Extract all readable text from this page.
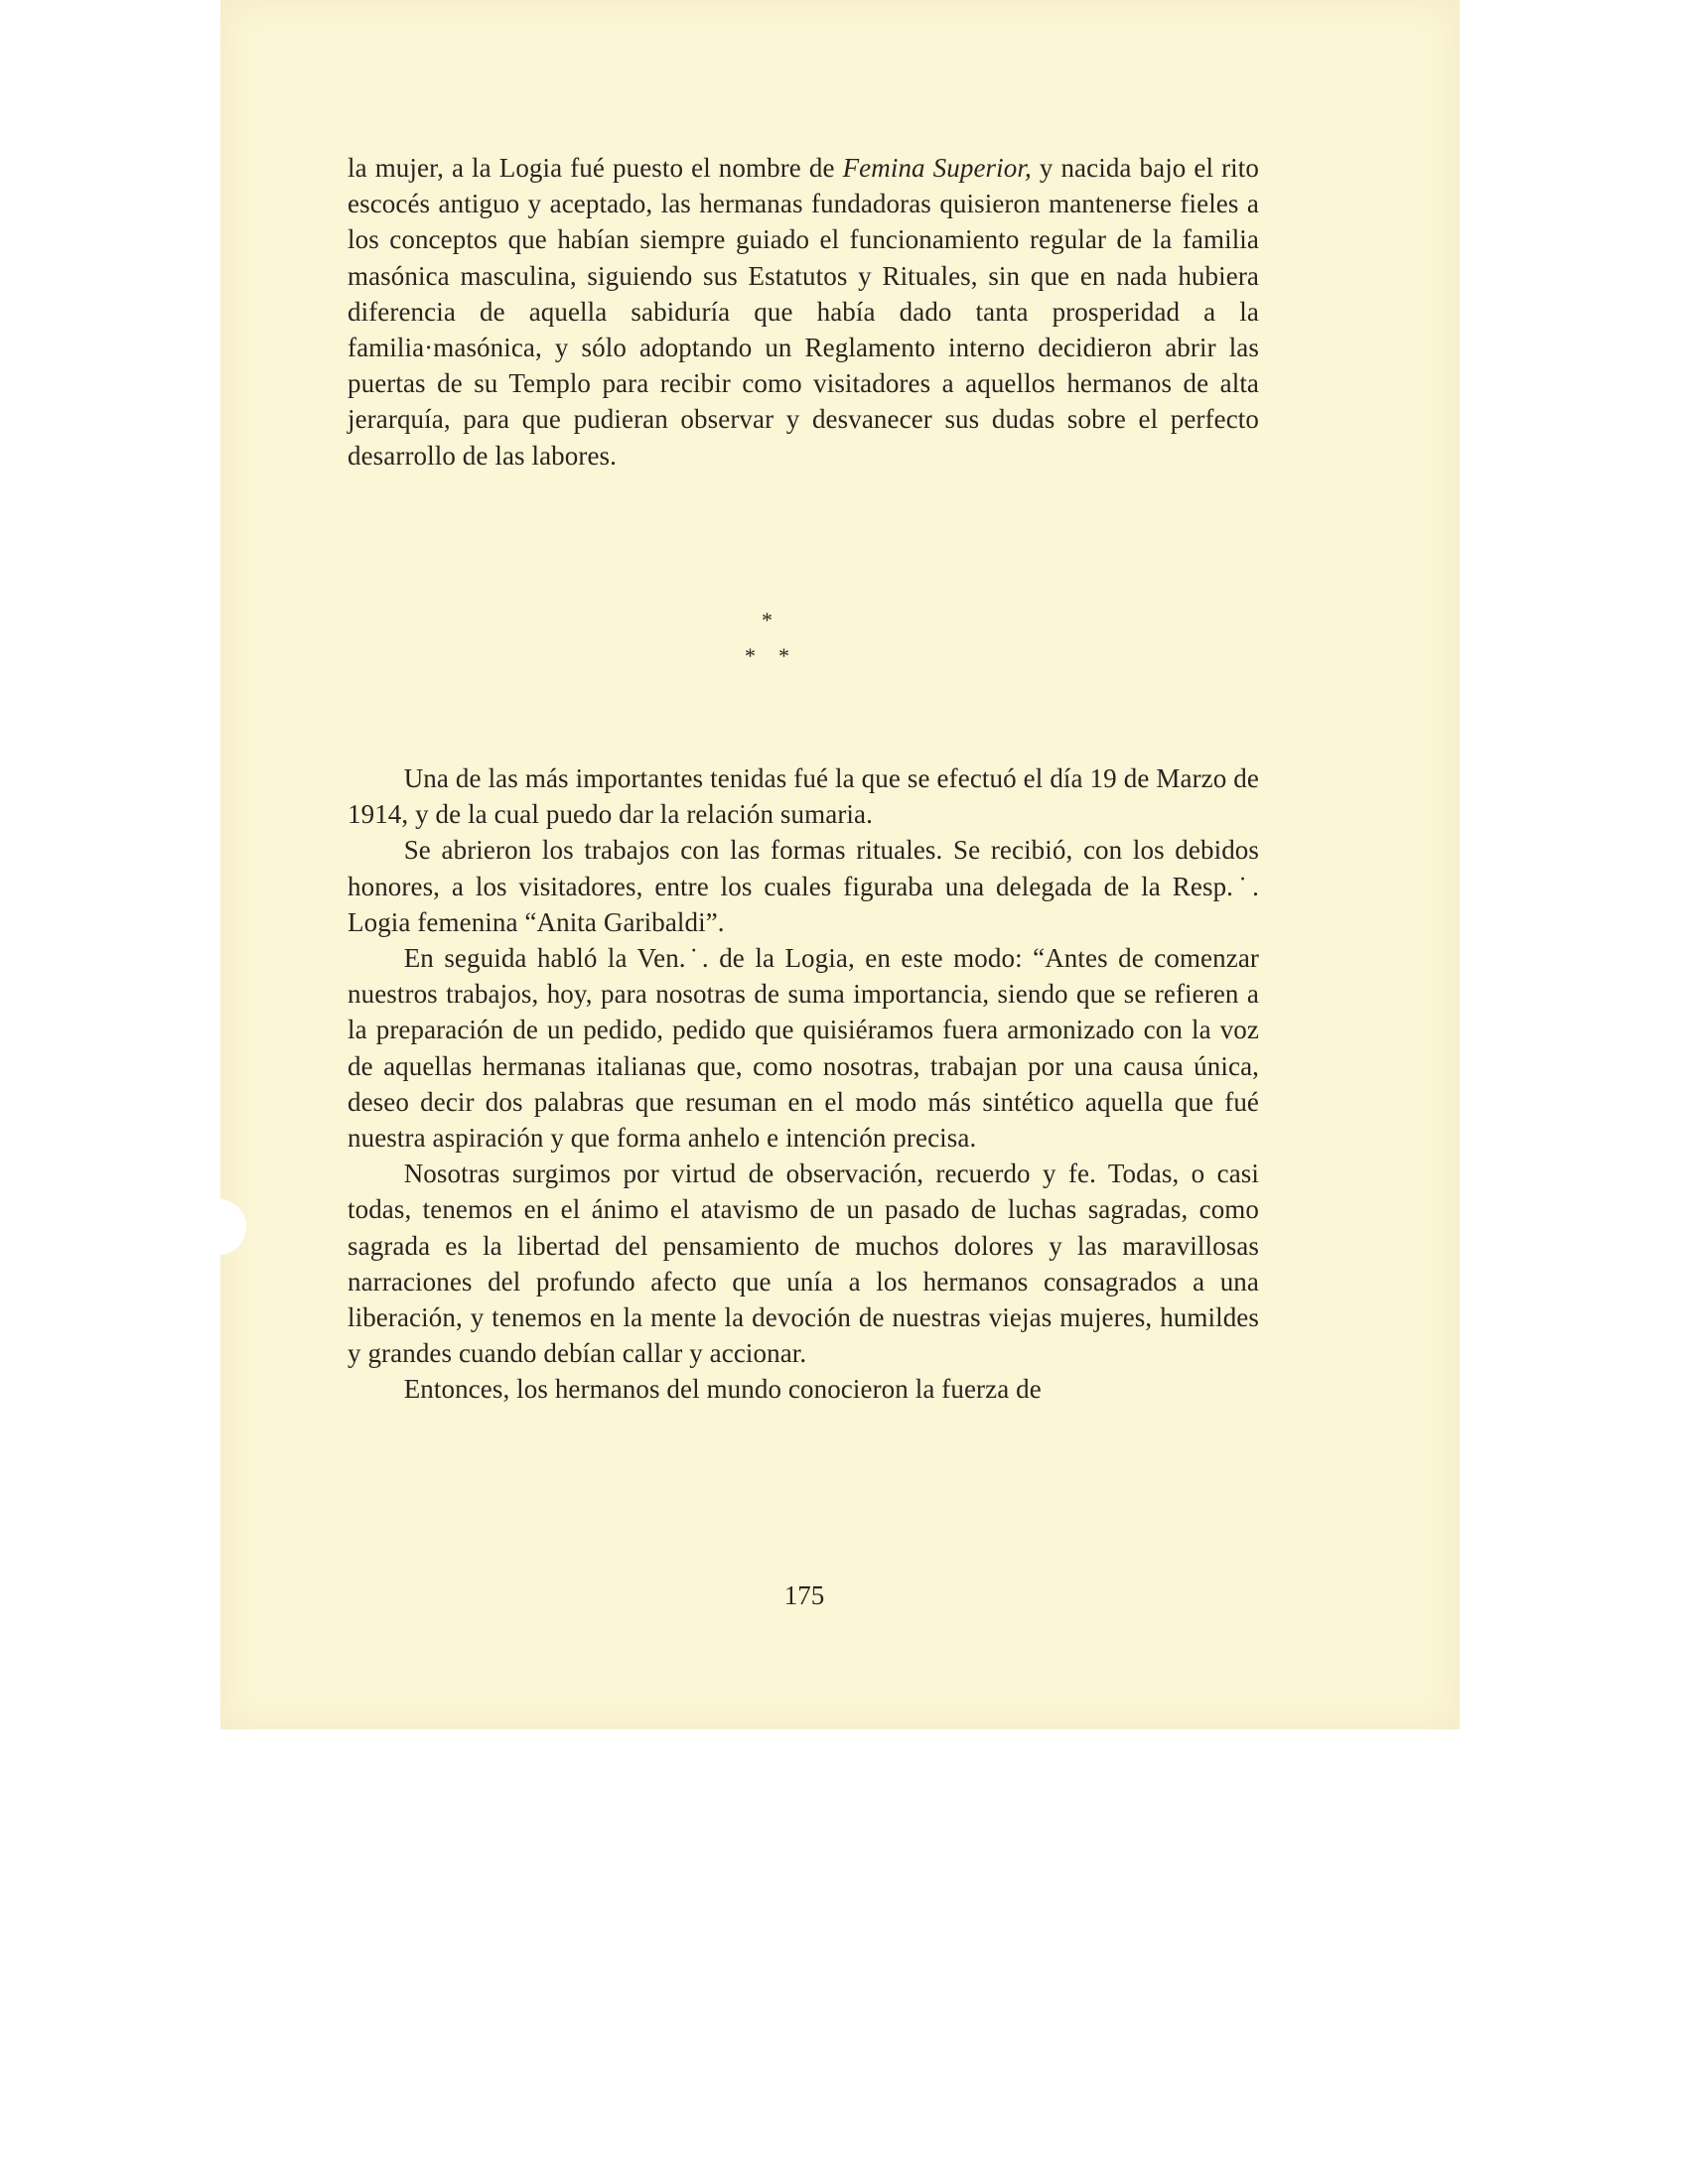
la mujer, a la Logia fué puesto el nombre de Femina Superior, y nacida bajo el rito escocés antiguo y aceptado, las hermanas fundadoras quisieron mantenerse fieles a los conceptos que habían siempre guiado el funcionamiento regular de la familia masónica masculina, siguiendo sus Estatutos y Rituales, sin que en nada hubiera diferencia de aquella sabiduría que había dado tanta prosperidad a la familia·masónica, y sólo adoptando un Reglamento interno decidieron abrir las puertas de su Templo para recibir como visitadores a aquellos hermanos de alta jerarquía, para que pudieran observar y desvanecer sus dudas sobre el perfecto desarrollo de las labores.

*
* *

Una de las más importantes tenidas fué la que se efectuó el día 19 de Marzo de 1914, y de la cual puedo dar la relación sumaria.

Se abrieron los trabajos con las formas rituales. Se recibió, con los debidos honores, a los visitadores, entre los cuales figuraba una delegada de la Resp.˙. Logia femenina “Anita Garibaldi”.

En seguida habló la Ven.˙. de la Logia, en este modo: “Antes de comenzar nuestros trabajos, hoy, para nosotras de suma importancia, siendo que se refieren a la preparación de un pedido, pedido que quisiéramos fuera armonizado con la voz de aquellas hermanas italianas que, como nosotras, trabajan por una causa única, deseo decir dos palabras que resuman en el modo más sintético aquella que fué nuestra aspiración y que forma anhelo e intención precisa.

Nosotras surgimos por virtud de observación, recuerdo y fe. Todas, o casi todas, tenemos en el ánimo el atavismo de un pasado de luchas sagradas, como sagrada es la libertad del pensamiento de muchos dolores y las maravillosas narraciones del profundo afecto que unía a los hermanos consagrados a una liberación, y tenemos en la mente la devoción de nuestras viejas mujeres, humildes y grandes cuando debían callar y accionar.

Entonces, los hermanos del mundo conocieron la fuerza de

175
